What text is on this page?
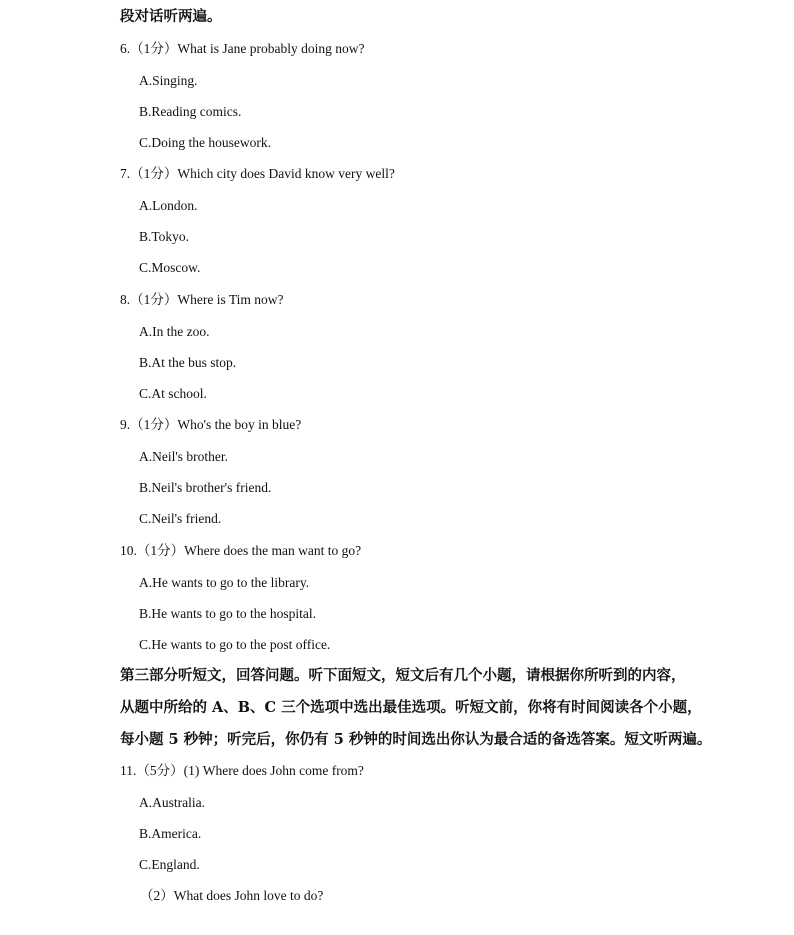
段对话听两遍。
6.（1分）What is Jane probably doing now?
A.Singing.
B.Reading comics.
C.Doing the housework.
7.（1分）Which city does David know very well?
A.London.
B.Tokyo.
C.Moscow.
8.（1分）Where is Tim now?
A.In the zoo.
B.At the bus stop.
C.At school.
9.（1分）Who's the boy in blue?
A.Neil's brother.
B.Neil's brother's friend.
C.Neil's friend.
10.（1分）Where does the man want to go?
A.He wants to go to the library.
B.He wants to go to the hospital.
C.He wants to go to the post office.
第三部分听短文，回答问题。听下面短文，短文后有几个小题，请根据你所听到的内容，
从题中所给的 A、B、C 三个选项中选出最佳选项。听短文前，你将有时间阅读各个小题，
每小题 5 秒钟；听完后，你仍有 5 秒钟的时间选出你认为最合适的备选答案。短文听两遍。
11.（5分）(1) Where does John come from?
A.Australia.
B.America.
C.England.
（2）What does John love to do?
